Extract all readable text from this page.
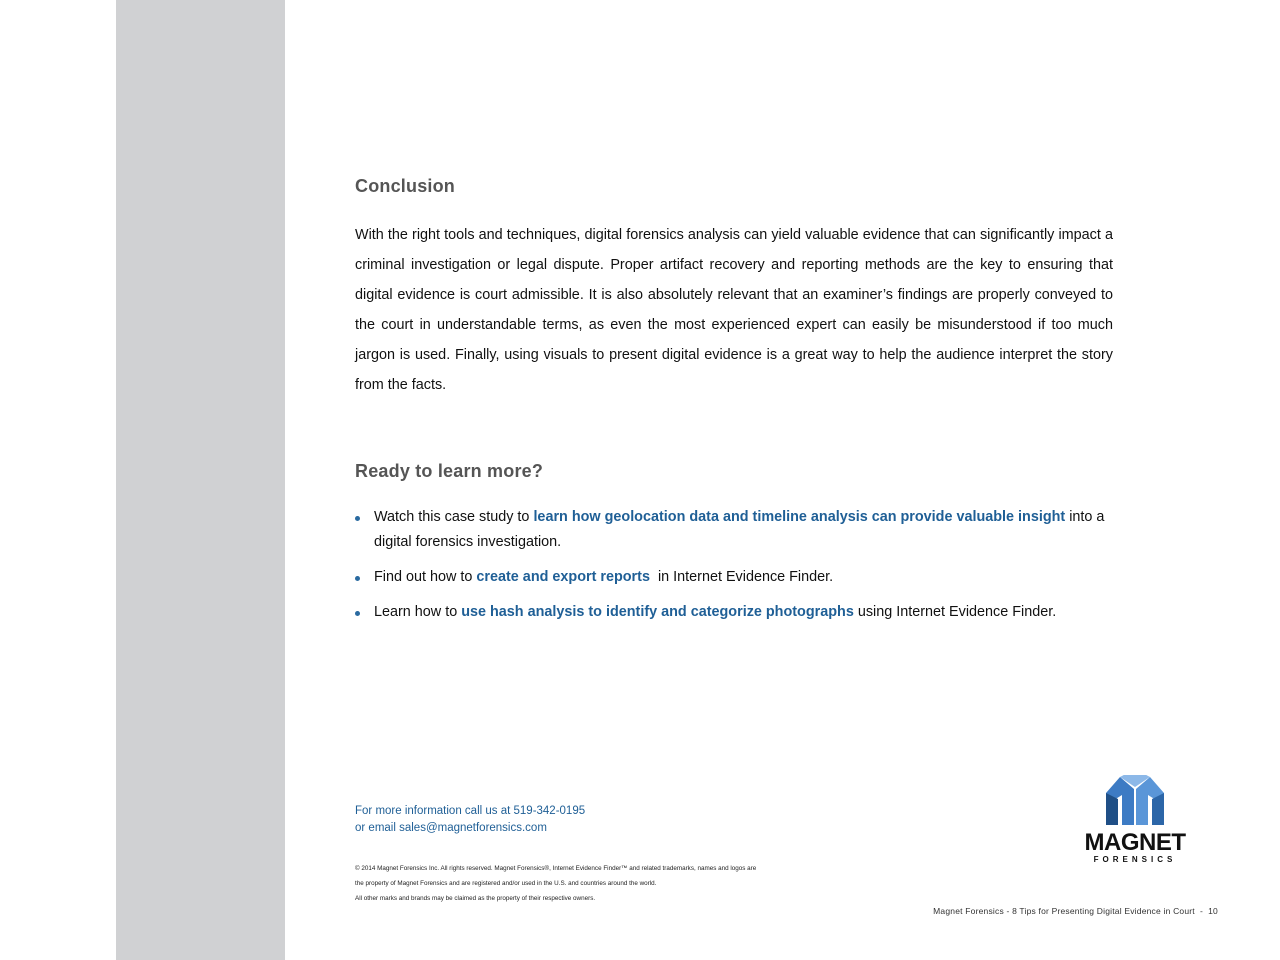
Conclusion
With the right tools and techniques, digital forensics analysis can yield valuable evidence that can significantly impact a criminal investigation or legal dispute. Proper artifact recovery and reporting methods are the key to ensuring that digital evidence is court admissible. It is also absolutely relevant that an examiner’s findings are properly conveyed to the court in understandable terms, as even the most experienced expert can easily be misunderstood if too much jargon is used. Finally, using visuals to present digital evidence is a great way to help the audience interpret the story from the facts.
Ready to learn more?
Watch this case study to learn how geolocation data and timeline analysis can provide valuable insight into a digital forensics investigation.
Find out how to create and export reports  in Internet Evidence Finder.
Learn how to use hash analysis to identify and categorize photographs using Internet Evidence Finder.
For more information call us at 519-342-0195
or email sales@magnetforensics.com
© 2014 Magnet Forensics Inc. All rights reserved. Magnet Forensics®, Internet Evidence Finder™ and related trademarks, names and logos are
the property of Magnet Forensics and are registered and/or used in the U.S. and countries around the world.
All other marks and brands may be claimed as the property of their respective owners.
MAGNET
FORENSICS
Magnet Forensics - 8 Tips for Presenting Digital Evidence in Court  -  10
